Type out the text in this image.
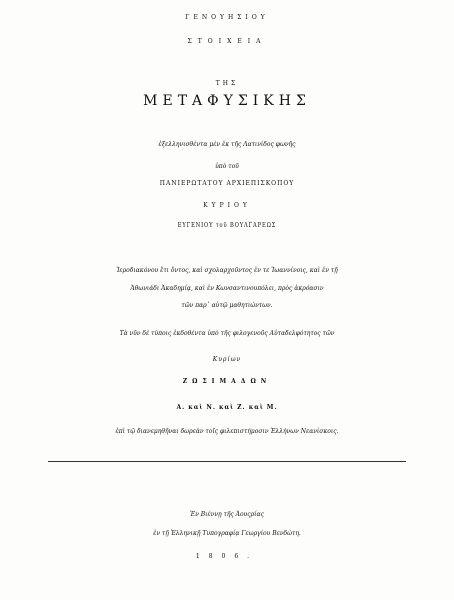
ΓΕΝΟΥΗΣΙΟΥ
ΣΤΟΙΧΕΙΑ
ΤΗΣ
ΜΕΤΑΦΥΣΙΚΗΣ
ἐξελληνισθέντα μὲν ἐκ τῆς Λατινίδος φωνῆς
ὑπὸ τοῦ
ΠΑΝΙΕΡΩΤΑΤΟΥ ΑΡΧΙΕΠΙΣΚΟΠΟΥ
ΚΥΡΙΟΥ
ΕΥΓΕΝΙΟΥ τοῦ ΒΟΥΛΓΑΡΕΩΣ
Ἱεροδιακόνου ἔτι ὄντος, καὶ σχολαρχοῦντος ἐν τε Ἰωαννίνοις, καὶ ἐν τῇ
Ἀθωνιάδι Ἀκαδημίᾳ, καὶ ἐν Κωνσαντινουπόλει, πρὸς ἀκρόασιν
τῶν παρ᾽ αὐτῷ μαθητιώντων.
Τὰ νῦν δὲ τύποις ἐκδοθέντα ὑπὸ τῆς φιλογενοῦς Αὐταδελφότητος τῶν
Κυρίων
ΖΩΣΙΜΑΔΩΝ
Α. καὶ Ν. καὶ Ζ. καὶ Μ.
ἐπὶ τῷ διανεμηθῆναι δωρεὰν τοῖς φιλεπιστήμοσιν Ἑλλήνων Νεανίσκοις.
Ἐν Βιέννῃ τῆς Ἀουςρίας
ἐν τῇ Ἑλληνικῇ Τυπογραφίᾳ Γεωργίου Βενδώτη.
1806.
